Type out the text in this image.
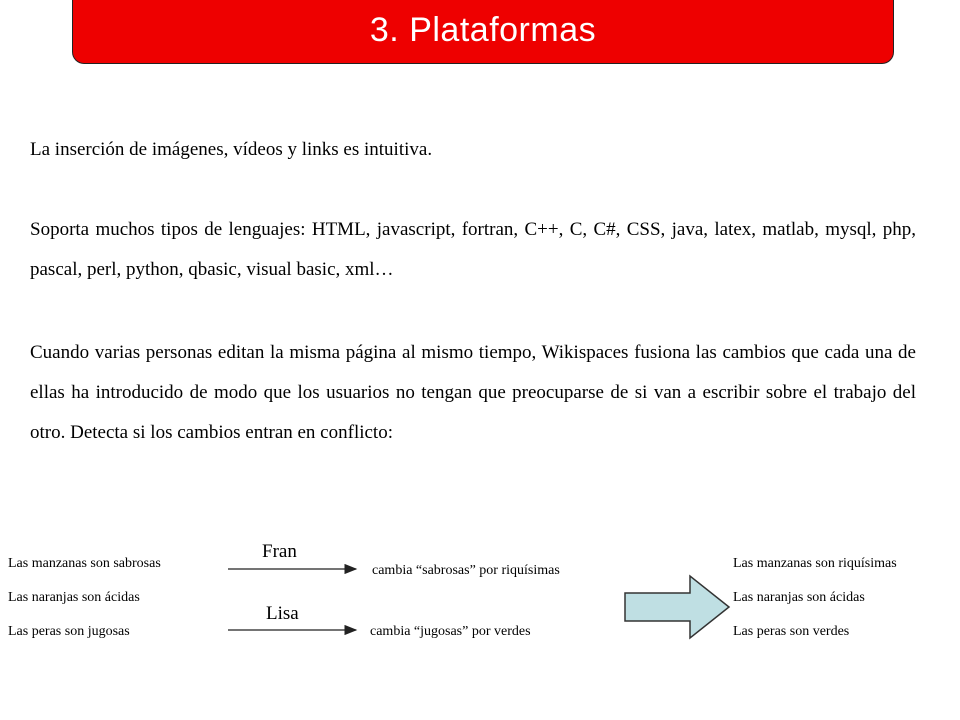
3. Plataformas

La inserción de imágenes, vídeos y links es intuitiva.

Soporta muchos tipos de lenguajes: HTML, javascript, fortran, C++, C, C#, CSS, java, latex, matlab, mysql, php, pascal, perl, python, qbasic, visual basic, xml…

Cuando varias personas editan la misma página al mismo tiempo, Wikispaces fusiona las cambios que cada una de ellas ha introducido de modo que los usuarios no tengan que preocuparse de si van a escribir sobre el trabajo del otro. Detecta si los cambios entran en conflicto:

Las manzanas son sabrosas
Las naranjas son ácidas
Las peras son jugosas
Fran
Lisa
cambia “sabrosas” por riquísimas
cambia “jugosas” por verdes
Las manzanas son riquísimas
Las naranjas son ácidas
Las peras son verdes
